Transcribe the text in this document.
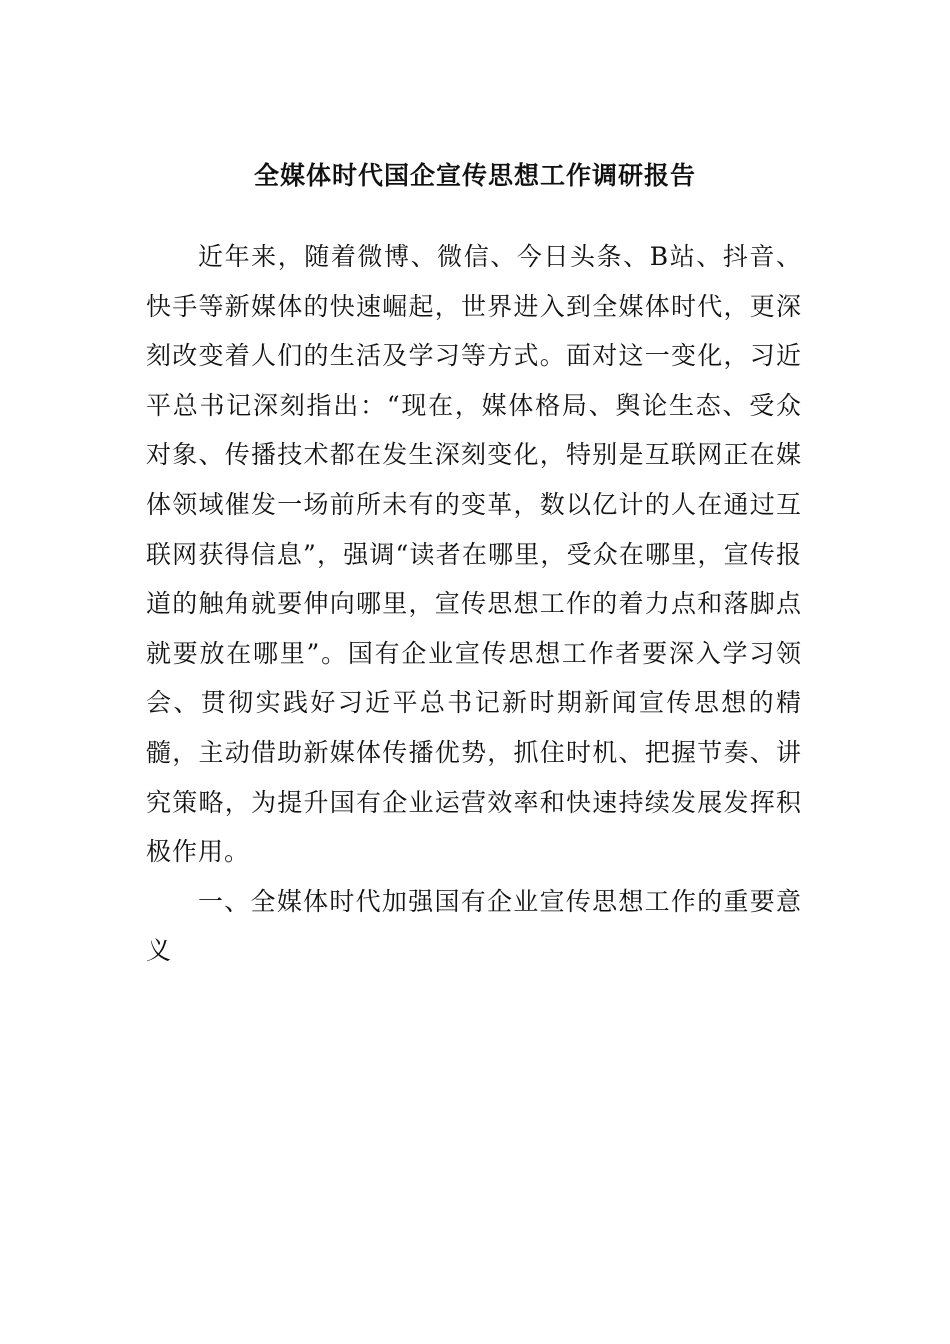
全媒体时代国企宣传思想工作调研报告

近年来，随着微博、微信、今日头条、B站、抖音、快手等新媒体的快速崛起，世界进入到全媒体时代，更深刻改变着人们的生活及学习等方式。面对这一变化，习近平总书记深刻指出：“现在，媒体格局、舆论生态、受众对象、传播技术都在发生深刻变化，特别是互联网正在媒体领域催发一场前所未有的变革，数以亿计的人在通过互联网获得信息”，强调“读者在哪里，受众在哪里，宣传报道的触角就要伸向哪里，宣传思想工作的着力点和落脚点就要放在哪里”。国有企业宣传思想工作者要深入学习领会、贯彻实践好习近平总书记新时期新闻宣传思想的精髓，主动借助新媒体传播优势，抓住时机、把握节奏、讲究策略，为提升国有企业运营效率和快速持续发展发挥积极作用。

一、全媒体时代加强国有企业宣传思想工作的重要意义
